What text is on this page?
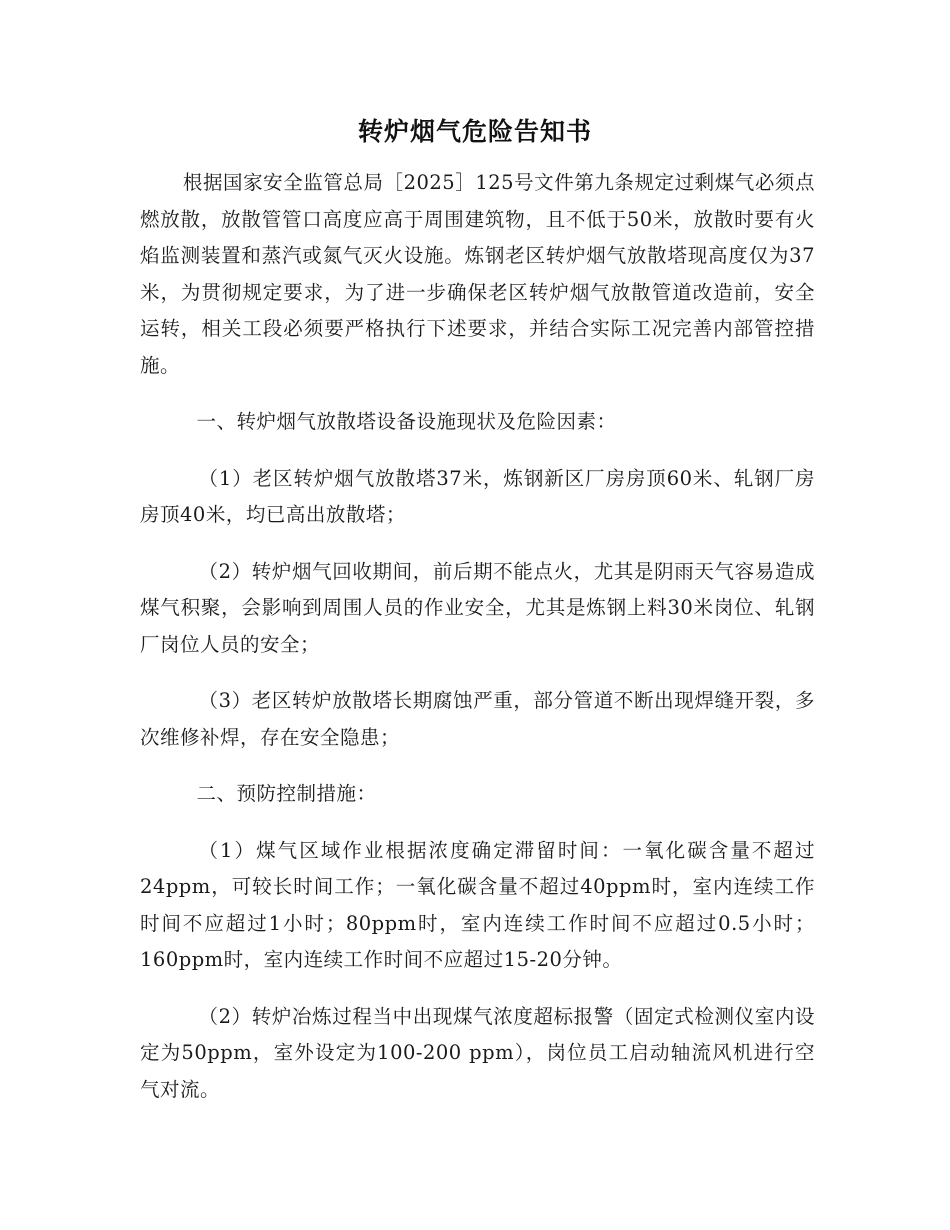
转炉烟气危险告知书

根据国家安全监管总局［2025］125号文件第九条规定过剩煤气必须点燃放散，放散管管口高度应高于周围建筑物，且不低于50米，放散时要有火焰监测装置和蒸汽或氮气灭火设施。炼钢老区转炉烟气放散塔现高度仅为37米，为贯彻规定要求，为了进一步确保老区转炉烟气放散管道改造前，安全运转，相关工段必须要严格执行下述要求，并结合实际工况完善内部管控措施。

一、转炉烟气放散塔设备设施现状及危险因素：

（1）老区转炉烟气放散塔37米，炼钢新区厂房房顶60米、轧钢厂房房顶40米，均已高出放散塔；

（2）转炉烟气回收期间，前后期不能点火，尤其是阴雨天气容易造成煤气积聚，会影响到周围人员的作业安全，尤其是炼钢上料30米岗位、轧钢厂岗位人员的安全；

（3）老区转炉放散塔长期腐蚀严重，部分管道不断出现焊缝开裂，多次维修补焊，存在安全隐患；

二、预防控制措施：

（1）煤气区域作业根据浓度确定滞留时间：一氧化碳含量不超过24ppm，可较长时间工作；一氧化碳含量不超过40ppm时，室内连续工作时间不应超过1小时；80ppm时，室内连续工作时间不应超过0.5小时；160ppm时，室内连续工作时间不应超过15-20分钟。

（2）转炉冶炼过程当中出现煤气浓度超标报警（固定式检测仪室内设定为50ppm，室外设定为100-200 ppm），岗位员工启动轴流风机进行空气对流。
